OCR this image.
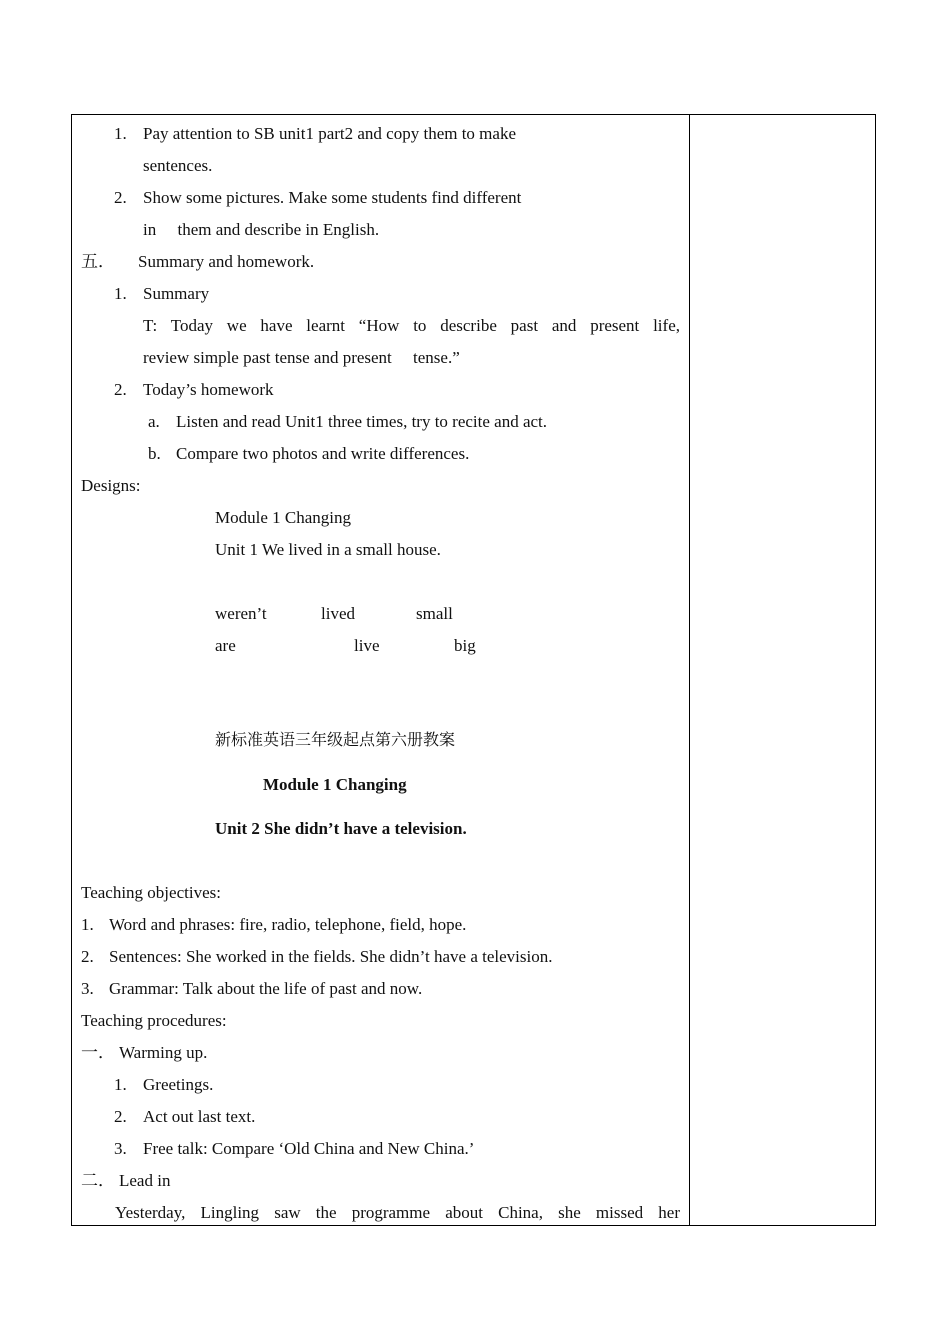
1. Pay attention to SB unit1 part2 and copy them to make
sentences.
2. Show some pictures. Make some students find different
in     them and describe in English.
五． Summary and homework.
1. Summary
T: Today we have learnt “How to describe past and present life,
review simple past tense and present     tense.”
2. Today’s homework
a. Listen and read Unit1 three times, try to recite and act.
b. Compare two photos and write differences.
Designs:
Module 1 Changing
Unit 1 We lived in a small house.
weren’t	lived	small
are	live	big
新标准英语三年级起点第六册教案
Module 1 Changing
Unit 2 She didn’t have a television.
Teaching objectives:
1. Word and phrases: fire, radio, telephone, field, hope.
2. Sentences: She worked in the fields. She didn’t have a television.
3. Grammar: Talk about the life of past and now.
Teaching procedures:
一． Warming up.
1. Greetings.
2. Act out last text.
3. Free talk: Compare ‘Old China and New China.’
二． Lead in
Yesterday, Lingling saw the programme about China, she missed her
